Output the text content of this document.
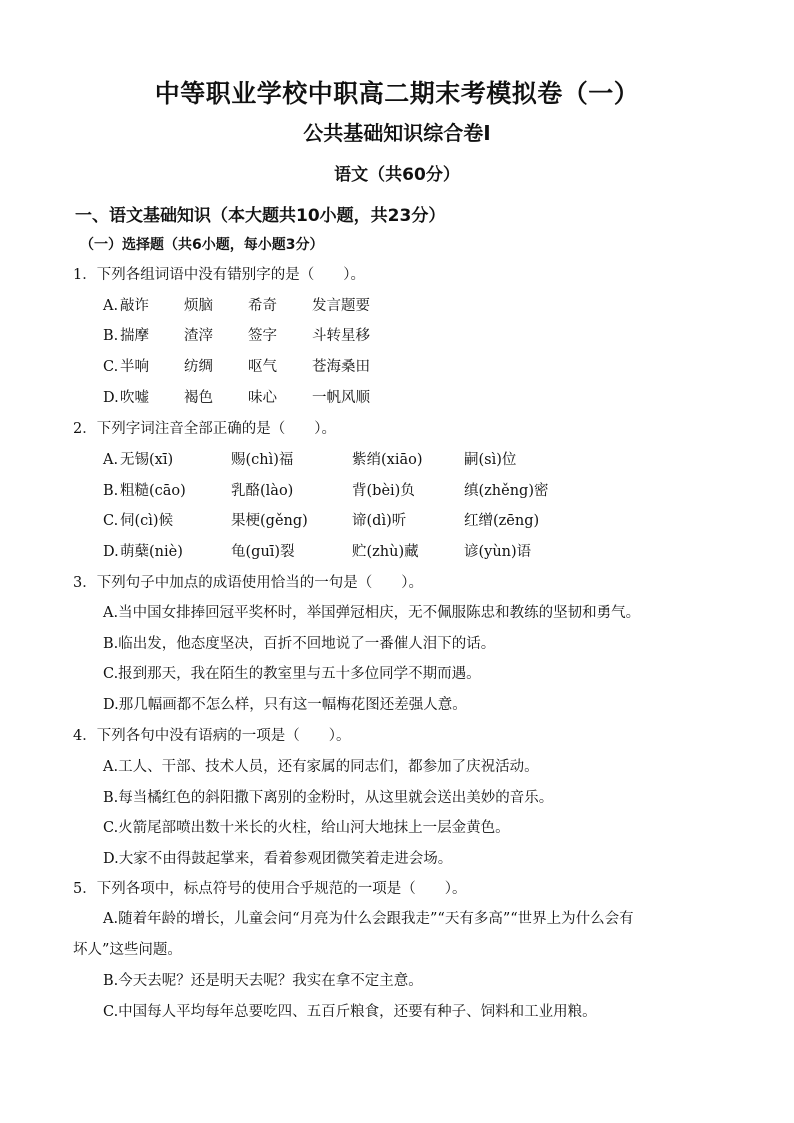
中等职业学校中职高二期末考模拟卷（一）
公共基础知识综合卷Ⅰ
语文（共60分）
一、语文基础知识（本大题共10小题，共23分）
（一）选择题（共6小题，每小题3分）
1．下列各组词语中没有错别字的是（　　）。
A. 敲诈 烦脑 希奇 发言题要
B. 揣摩 渣滓 签字 斗转星移
C. 半响 纺绸 呕气 苍海桑田
D. 吹嘘 褐色 味心 一帆风顺
2．下列字词注音全部正确的是（　　）。
A. 无锡(xī)	赐(chì)福	紫绡(xiāo)	嗣(sì)位
B. 粗糙(cāo)	乳酪(lào)	背(bèi)负	缜(zhěng)密
C. 伺(cì)候	果梗(gěng)	谛(dì)听	红缯(zēng)
D. 萌蘖(niè)	龟(guī)裂	贮(zhù)藏	谚(yùn)语
3．下列句子中加点的成语使用恰当的一句是（　　）。
A.当中国女排捧回冠平奖杯时，举国弹冠相庆，无不佩服陈忠和教练的坚韧和勇气。
B.临出发，他态度坚决，百折不回地说了一番催人泪下的话。
C.报到那天，我在陌生的教室里与五十多位同学不期而遇。
D.那几幅画都不怎么样，只有这一幅梅花图还差强人意。
4．下列各句中没有语病的一项是（　　）。
A.工人、干部、技术人员，还有家属的同志们，都参加了庆祝活动。
B.每当橘红色的斜阳撒下离别的金粉时，从这里就会送出美妙的音乐。
C.火箭尾部喷出数十米长的火柱，给山河大地抹上一层金黄色。
D.大家不由得鼓起掌来，看着参观团微笑着走进会场。
5．下列各项中，标点符号的使用合乎规范的一项是（　　）。
A.随着年龄的增长，儿童会问“月亮为什么会跟我走”“天有多高”“世界上为什么会有
坏人”这些问题。
B.今天去呢？还是明天去呢？我实在拿不定主意。
C.中国每人平均每年总要吃四、五百斤粮食，还要有种子、饲料和工业用粮。
